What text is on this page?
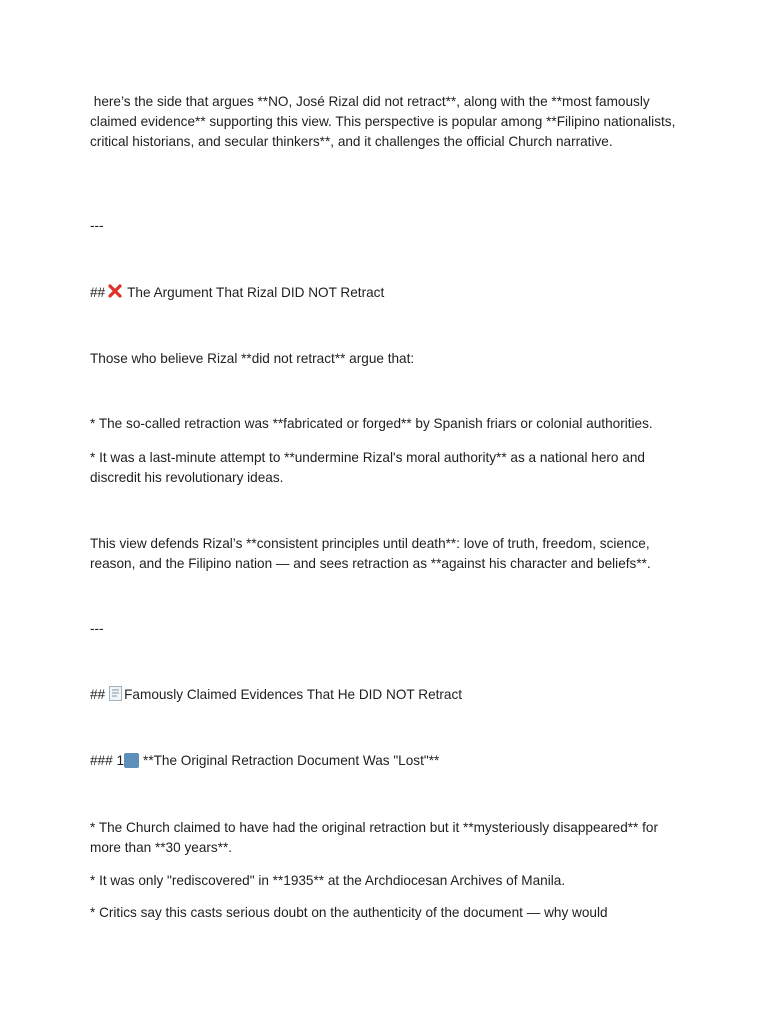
here’s the side that argues **NO, José Rizal did not retract**, along with the **most famously claimed evidence** supporting this view. This perspective is popular among **Filipino nationalists, critical historians, and secular thinkers**, and it challenges the official Church narrative.

---

## The Argument That Rizal DID NOT Retract

Those who believe Rizal **did not retract** argue that:

* The so-called retraction was **fabricated or forged** by Spanish friars or colonial authorities.

* It was a last-minute attempt to **undermine Rizal's moral authority** as a national hero and discredit his revolutionary ideas.

This view defends Rizal’s **consistent principles until death**: love of truth, freedom, science, reason, and the Filipino nation — and sees retraction as **against his character and beliefs**.

---

## Famously Claimed Evidences That He DID NOT Retract

### 1 **The Original Retraction Document Was "Lost"**

* The Church claimed to have had the original retraction but it **mysteriously disappeared** for more than **30 years**.

* It was only "rediscovered" in **1935** at the Archdiocesan Archives of Manila.

* Critics say this casts serious doubt on the authenticity of the document — why would
